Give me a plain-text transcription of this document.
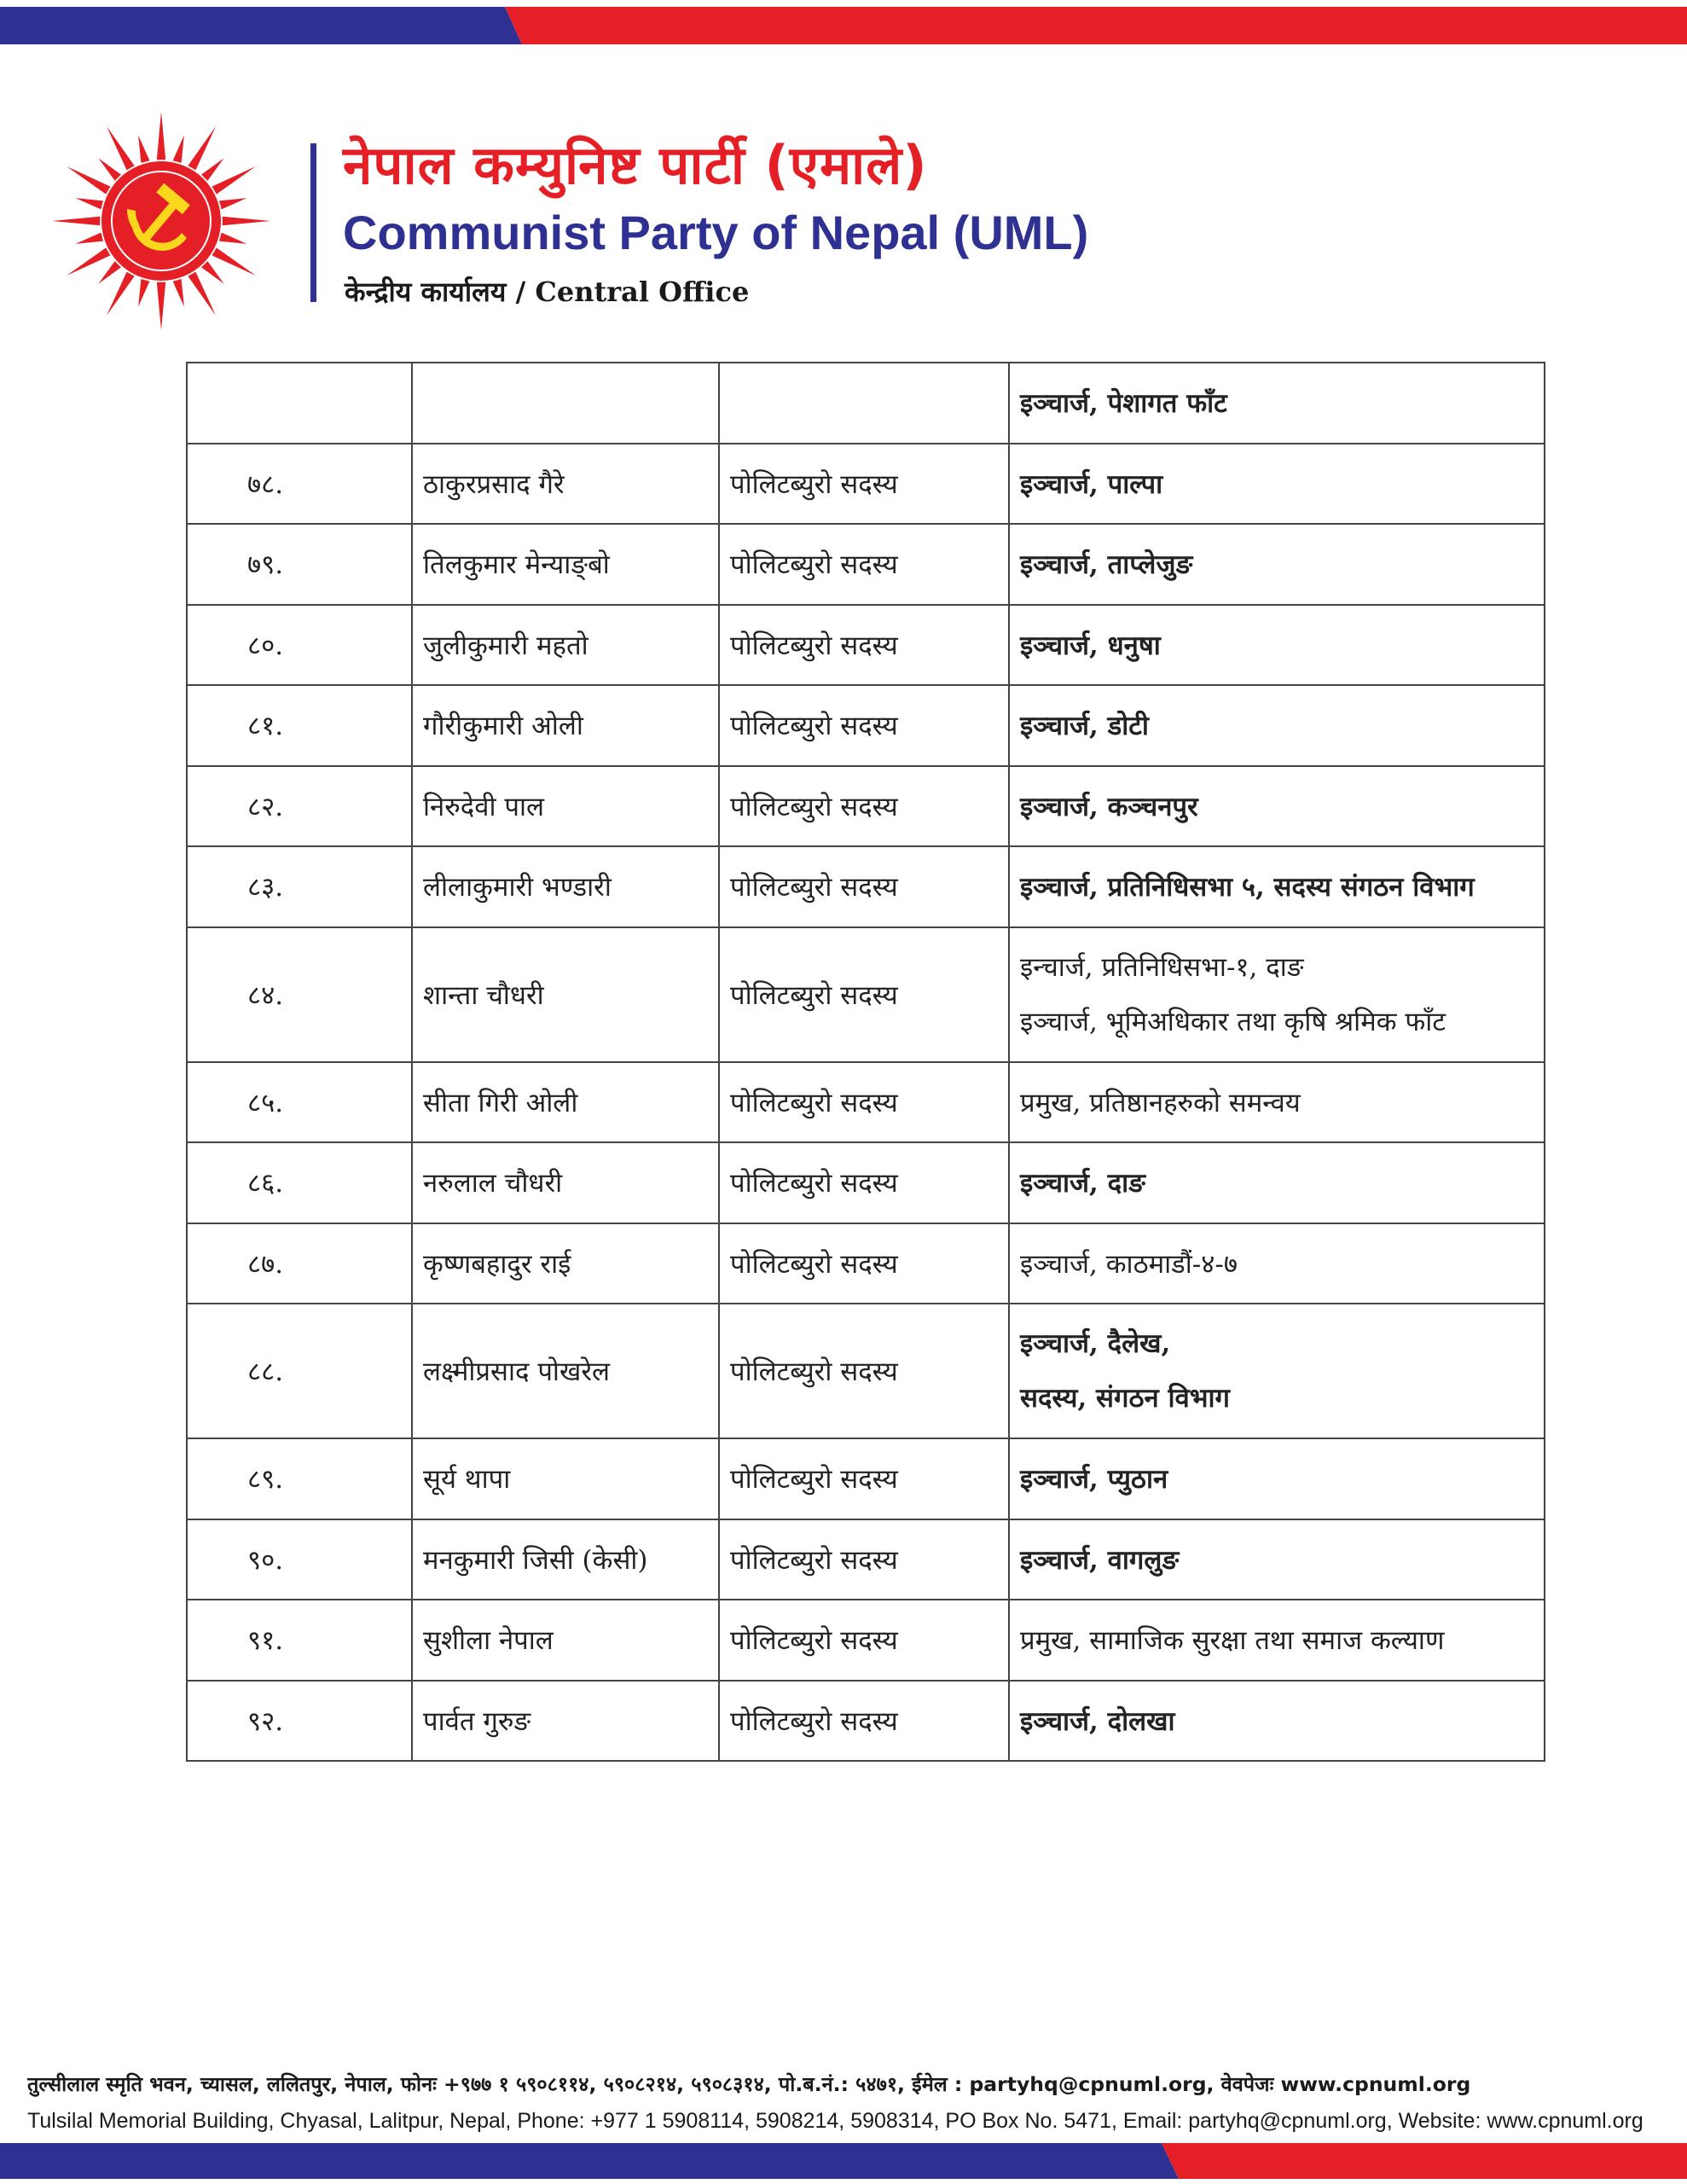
नेपाल कम्युनिष्ट पार्टी (एमाले)
Communist Party of Nepal (UML)
केन्द्रीय कार्यालय / Central Office
			इञ्चार्ज, पेशागत फाँट
७८.	ठाकुरप्रसाद गैरे	पोलिटब्युरो सदस्य	इञ्चार्ज, पाल्पा
७९.	तिलकुमार मेन्याङ्बो	पोलिटब्युरो सदस्य	इञ्चार्ज, ताप्लेजुङ
८०.	जुलीकुमारी महतो	पोलिटब्युरो सदस्य	इञ्चार्ज, धनुषा
८१.	गौरीकुमारी ओली	पोलिटब्युरो सदस्य	इञ्चार्ज, डोटी
८२.	निरुदेवी पाल	पोलिटब्युरो सदस्य	इञ्चार्ज, कञ्चनपुर
८३.	लीलाकुमारी भण्डारी	पोलिटब्युरो सदस्य	इञ्चार्ज, प्रतिनिधिसभा ५, सदस्य संगठन विभाग
८४.	शान्ता चौधरी	पोलिटब्युरो सदस्य	इन्चार्ज, प्रतिनिधिसभा-१, दाङ
इञ्चार्ज, भूमिअधिकार तथा कृषि श्रमिक फाँट

८५.	सीता गिरी ओली	पोलिटब्युरो सदस्य	प्रमुख, प्रतिष्ठानहरुको समन्वय
८६.	नरुलाल चौधरी	पोलिटब्युरो सदस्य	इञ्चार्ज, दाङ
८७.	कृष्णबहादुर राई	पोलिटब्युरो सदस्य	इञ्चार्ज, काठमाडौं-४-७
८८.	लक्ष्मीप्रसाद पोखरेल	पोलिटब्युरो सदस्य	इञ्चार्ज, दैलेख,
सदस्य, संगठन विभाग

८९.	सूर्य थापा	पोलिटब्युरो सदस्य	इञ्चार्ज, प्युठान
९०.	मनकुमारी जिसी (केसी)	पोलिटब्युरो सदस्य	इञ्चार्ज, वागलुङ
९१.	सुशीला नेपाल	पोलिटब्युरो सदस्य	प्रमुख, सामाजिक सुरक्षा तथा समाज कल्याण
९२.	पार्वत गुरुङ	पोलिटब्युरो सदस्य	इञ्चार्ज, दोलखा
तुल्सीलाल स्मृति भवन, च्यासल, ललितपुर, नेपाल, फोनः +९७७ १ ५९०८११४, ५९०८२१४, ५९०८३१४, पो.ब.नं.: ५४७१, ईमेल : partyhq@cpnuml.org, वेवपेजः www.cpnuml.org
Tulsilal Memorial Building, Chyasal, Lalitpur, Nepal, Phone: +977 1 5908114, 5908214, 5908314, PO Box No. 5471, Email: partyhq@cpnuml.org, Website: www.cpnuml.org
